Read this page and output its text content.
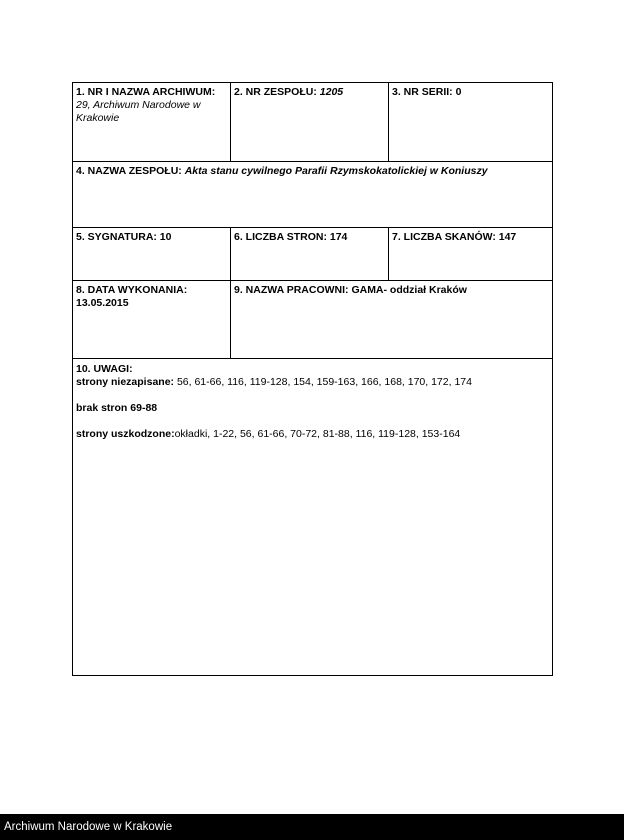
1. NR I NAZWA ARCHIWUM:
29, Archiwum Narodowe w Krakowie
2. NR ZESPOŁU: 1205	3. NR SERII: 0
4. NAZWA ZESPOŁU: Akta stanu cywilnego Parafii Rzymskokatolickiej w Koniuszy
5. SYGNATURA: 10	6. LICZBA STRON: 174	7. LICZBA SKANÓW: 147
8. DATA WYKONANIA:
13.05.2015
9. NAZWA PRACOWNI: GAMA- oddział Kraków

10. UWAGI:

strony niezapisane: 56, 61-66, 116, 119-128, 154, 159-163, 166, 168, 170, 172, 174

brak stron 69-88

strony uszkodzone:okładki, 1-22, 56, 61-66, 70-72, 81-88, 116, 119-128, 153-164

Archiwum Narodowe w Krakowie
